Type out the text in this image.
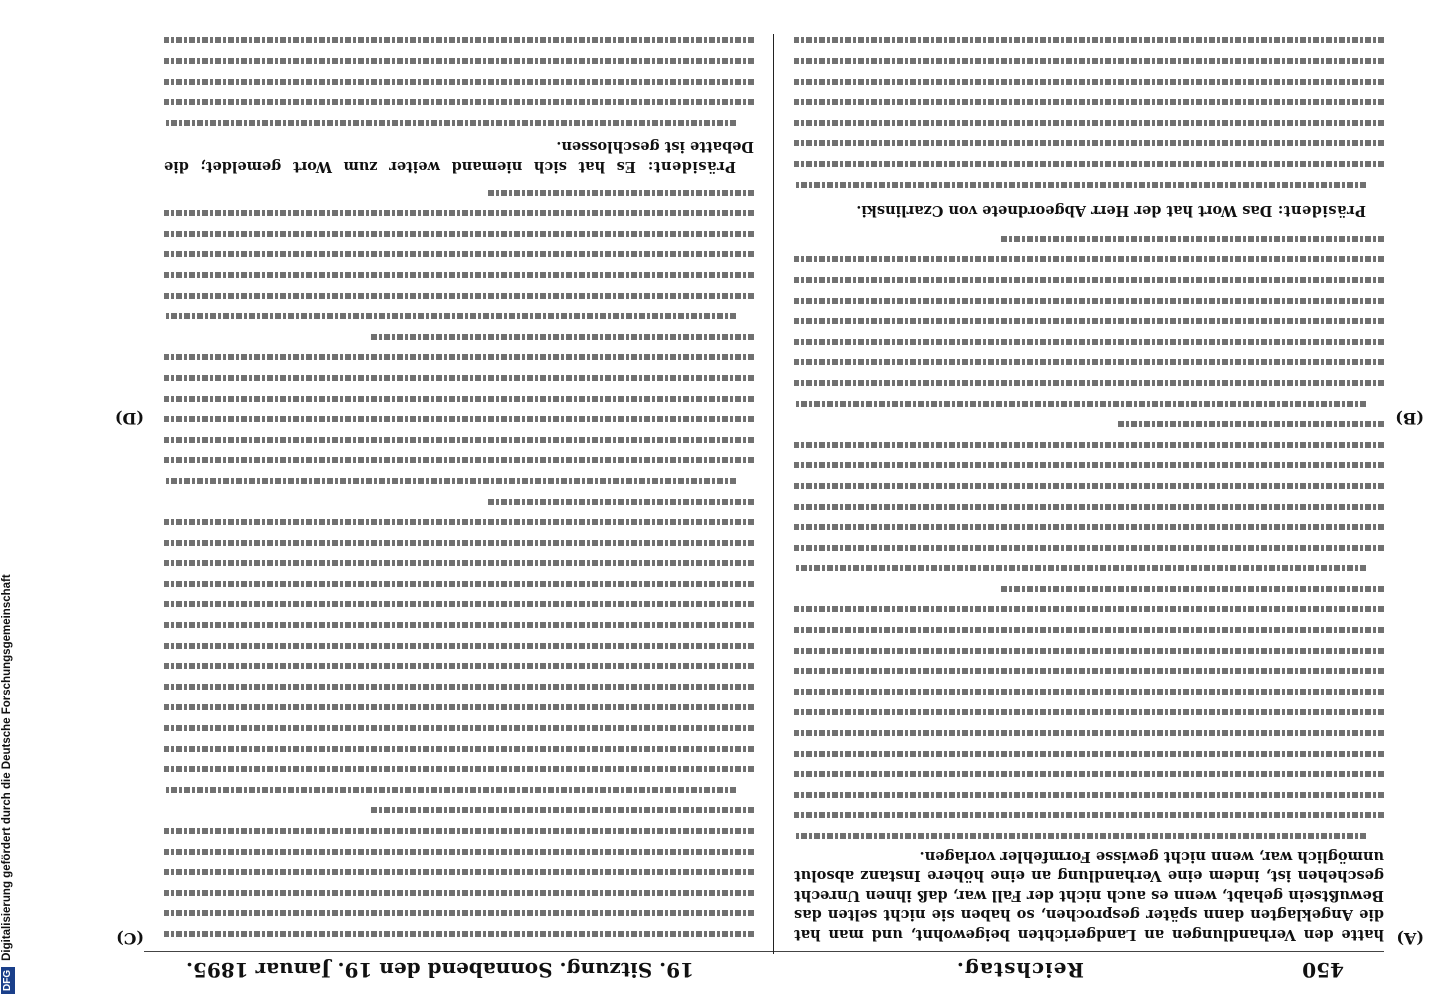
DFGDigitalisierung gefördert durch die Deutsche Forschungsgemeinschaft
450
Reichstag.
19. Sitzung. Sonnabend den 19. Januar 1895.
(A)
(B)
(C)
(D)

hatte den Verhandlungen an Landgerichten beigewohnt, und man hat die Angeklagten dann später gesprochen, so haben sie nicht selten das Bewußtsein gehabt, wenn es auch nicht der Fall war, daß ihnen Unrecht geschehen ist, indem eine Verhandlung an eine höhere Instanz absolut unmöglich war, wenn nicht gewisse Formfehler vorlagen.

Präsident: Das Wort hat der Herr Abgeordnete von Czarlinski.

Präsident: Es hat sich niemand weiter zum Wort gemeldet; die Debatte ist geschlossen.
